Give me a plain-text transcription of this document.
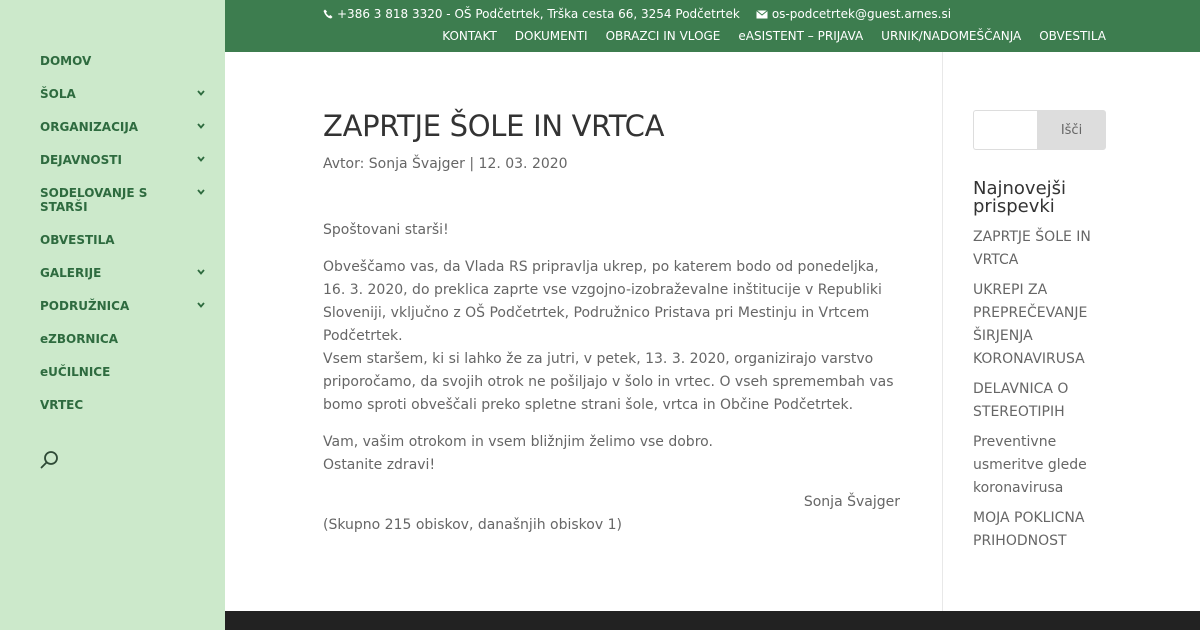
DOMOV
ŠOLA
ORGANIZACIJA
DEJAVNOSTI
SODELOVANJE S STARŠI
OBVESTILA
GALERIJE
PODRUŽNICA
eZBORNICA
eUČILNICE
VRTEC
+386 3 818 3320 - OŠ Podčetrtek, Trška cesta 66, 3254 Podčetrtek	os-podcetrtek@guest.arnes.si
KONTAKT DOKUMENTI OBRAZCI IN VLOGE eASISTENT – PRIJAVA URNIK/NADOMEŠČANJA OBVESTILA
ZAPRTJE ŠOLE IN VRTCA
Avtor: Sonja Švajger | 12. 03. 2020

Spoštovani starši!

Obveščamo vas, da Vlada RS pripravlja ukrep, po katerem bodo od ponedeljka, 16. 3. 2020, do preklica zaprte vse vzgojno-izobraževalne inštitucije v Republiki Sloveniji, vključno z OŠ Podčetrtek, Podružnico Pristava pri Mestinju in Vrtcem Podčetrtek.
Vsem staršem, ki si lahko že za jutri, v petek, 13. 3. 2020, organizirajo varstvo priporočamo, da svojih otrok ne pošiljajo v šolo in vrtec. O vseh spremembah vas bomo sproti obveščali preko spletne strani šole, vrtca in Občine Podčetrtek.

Vam, vašim otrokom in vsem bližnjim želimo vse dobro.
Ostanite zdravi!

Sonja Švajger

(Skupno 215 obiskov, današnjih obiskov 1)

Išči
Najnovejši prispevki
ZAPRTJE ŠOLE IN VRTCA
UKREPI ZA PREPREČEVANJE ŠIRJENJA KORONAVIRUSA
DELAVNICA O STEREOTIPIH
Preventivne usmeritve glede koronavirusa
MOJA POKLICNA PRIHODNOST
